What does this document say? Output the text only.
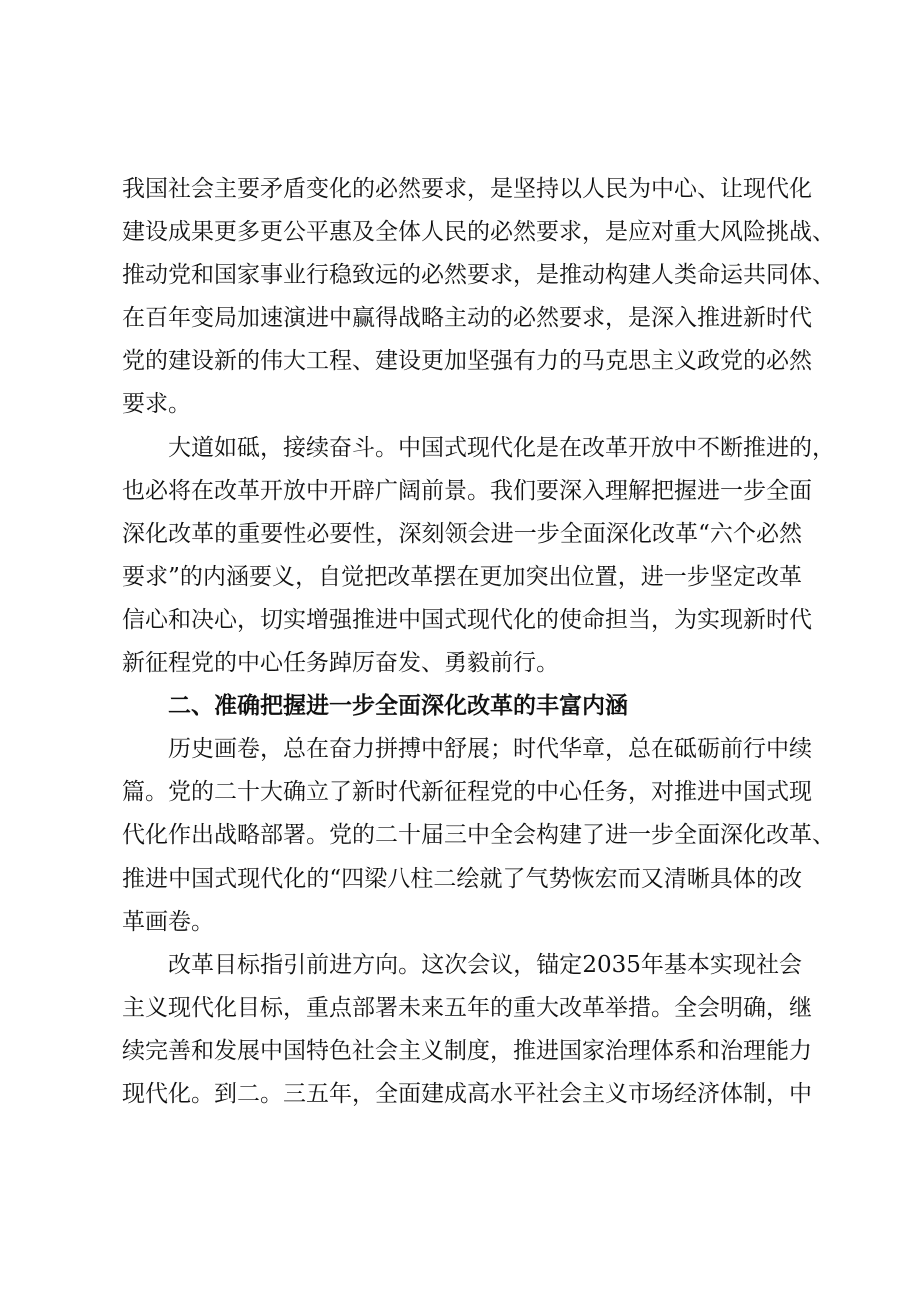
我国社会主要矛盾变化的必然要求，是坚持以人民为中心、让现代化
建设成果更多更公平惠及全体人民的必然要求，是应对重大风险挑战、
推动党和国家事业行稳致远的必然要求，是推动构建人类命运共同体、
在百年变局加速演进中赢得战略主动的必然要求，是深入推进新时代
党的建设新的伟大工程、建设更加坚强有力的马克思主义政党的必然
要求。
大道如砥，接续奋斗。中国式现代化是在改革开放中不断推进的，
也必将在改革开放中开辟广阔前景。我们要深入理解把握进一步全面
深化改革的重要性必要性，深刻领会进一步全面深化改革“六个必然
要求”的内涵要义，自觉把改革摆在更加突出位置，进一步坚定改革
信心和决心，切实增强推进中国式现代化的使命担当，为实现新时代
新征程党的中心任务踔厉奋发、勇毅前行。
二、准确把握进一步全面深化改革的丰富内涵
历史画卷，总在奋力拼搏中舒展；时代华章，总在砥砺前行中续
篇。党的二十大确立了新时代新征程党的中心任务，对推进中国式现
代化作出战略部署。党的二十届三中全会构建了进一步全面深化改革、
推进中国式现代化的“四梁八柱二绘就了气势恢宏而又清晰具体的改
革画卷。
改革目标指引前进方向。这次会议，锚定2035年基本实现社会
主义现代化目标，重点部署未来五年的重大改革举措。全会明确，继
续完善和发展中国特色社会主义制度，推进国家治理体系和治理能力
现代化。到二。三五年，全面建成高水平社会主义市场经济体制，中
